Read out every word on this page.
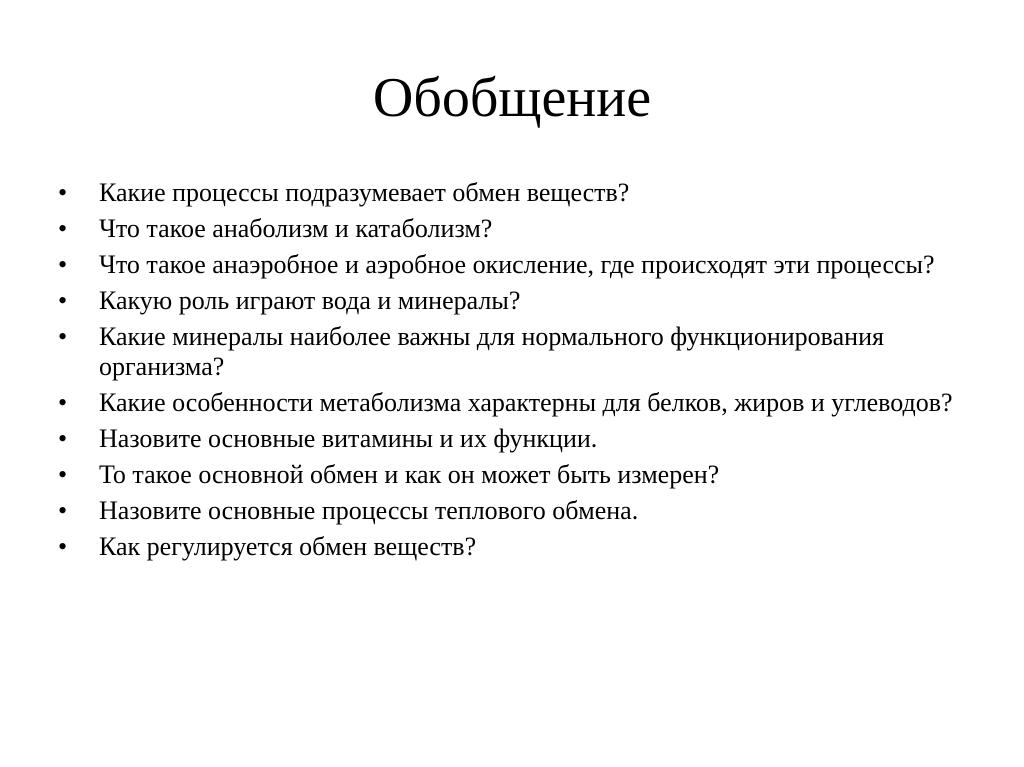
Обобщение
•	Какие процессы подразумевает обмен веществ?
•	Что такое анаболизм и катаболизм?
•	Что такое анаэробное и аэробное окисление, где происходят эти процессы?
•	Какую роль играют вода и минералы?
•	Какие минералы наиболее важны для нормального функционирования организма?
•	Какие особенности метаболизма характерны для белков, жиров и углеводов?
•	Назовите основные витамины и их функции.
•	То такое основной обмен и как он может быть измерен?
•	Назовите основные процессы теплового обмена.
•	Как регулируется обмен веществ?
